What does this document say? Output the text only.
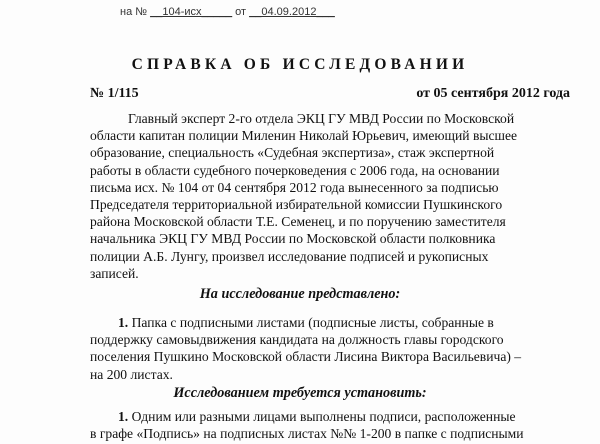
на № __104-исх_____ от __04.09.2012___
СПРАВКА ОБ ИССЛЕДОВАНИИ
№ 1/115	от 05 сентября 2012 года
Главный эксперт 2-го отдела ЭКЦ ГУ МВД России по Московской
области капитан полиции Миленин Николай Юрьевич, имеющий высшее
образование, специальность «Судебная экспертиза», стаж экспертной
работы в области судебного почерковедения с 2006 года, на основании
письма исх. № 104 от 04 сентября 2012 года вынесенного за подписью
Председателя территориальной избирательной комиссии Пушкинского
района Московской области Т.Е. Семенец, и по поручению заместителя
начальника ЭКЦ ГУ МВД России по Московской области полковника
полиции А.Б. Лунгу, произвел исследование подписей и рукописных
записей.
На исследование представлено:
1. Папка с подписными листами (подписные листы, собранные в
поддержку самовыдвижения кандидата на должность главы городского
поселения Пушкино Московской области Лисина Виктора Васильевича) –
на 200 листах.
Исследованием требуется установить:
1. Одним или разными лицами выполнены подписи, расположенные
в графе «Подпись» на подписных листах №№ 1-200 в папке с подписными
